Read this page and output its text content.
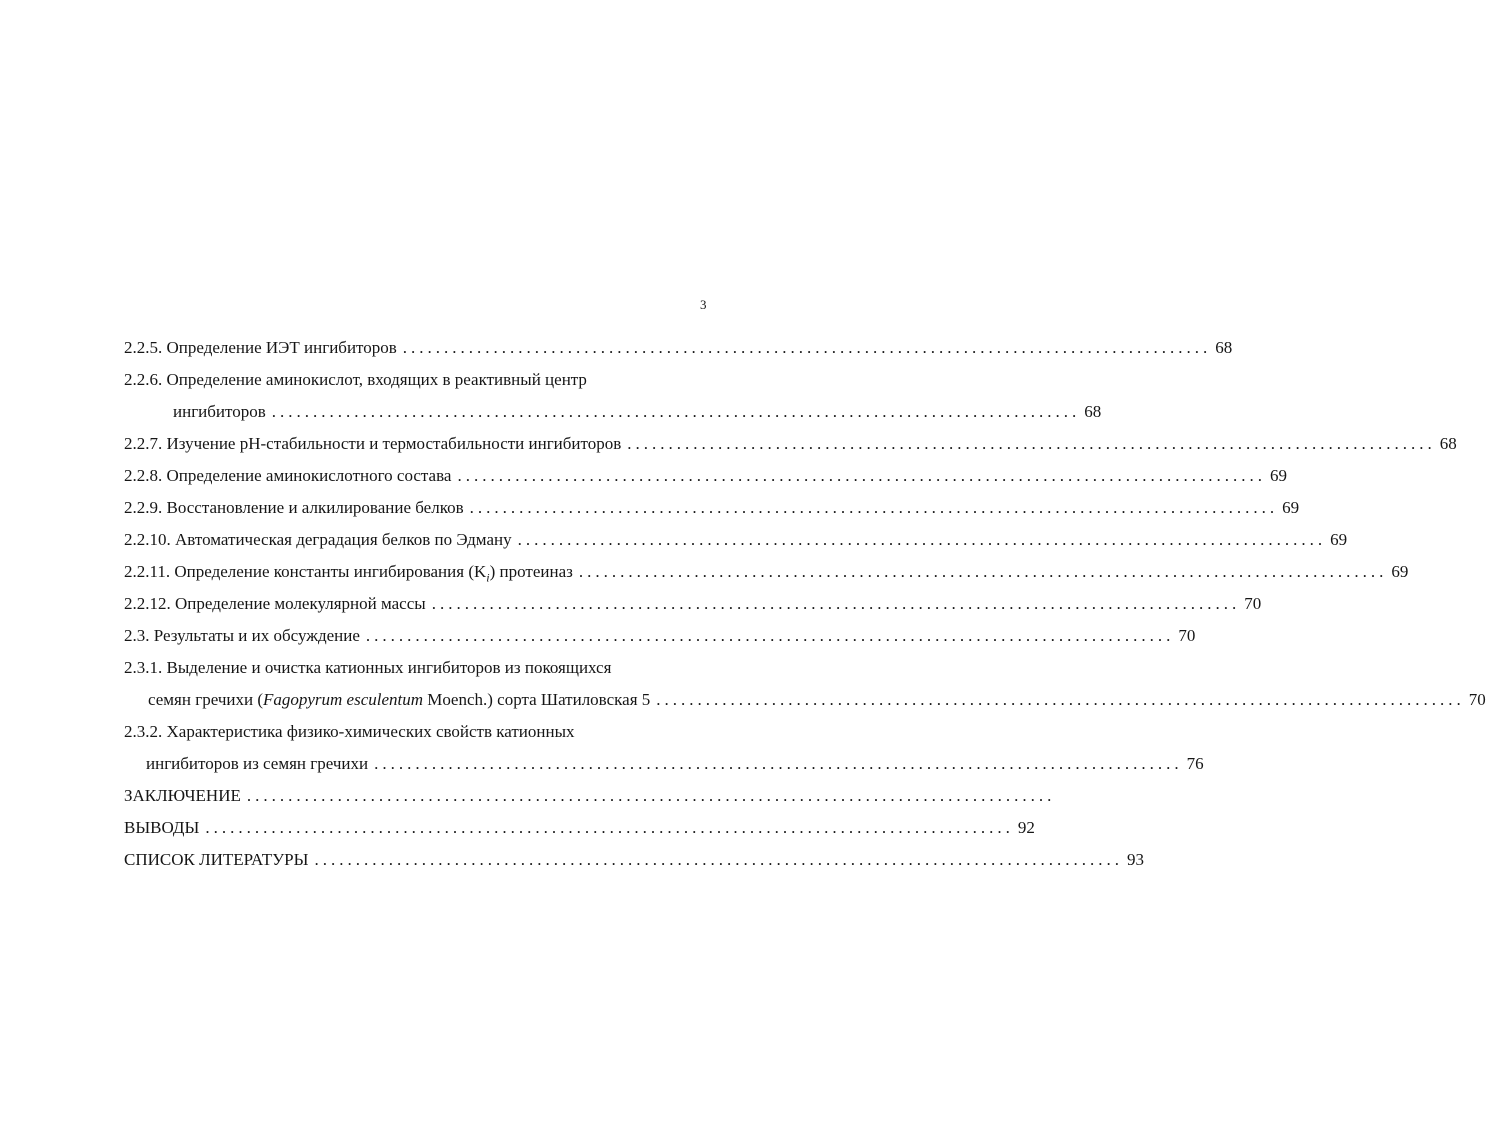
3
2.2.5. Определение ИЭТ ингибиторов .................................................................................................. 68
2.2.6. Определение аминокислот, входящих в реактивный центр
ингибиторов .................................................................................................. 68
2.2.7. Изучение рН-стабильности и термостабильности ингибиторов .................................................................................................. 68
2.2.8. Определение аминокислотного состава .................................................................................................. 69
2.2.9. Восстановление и алкилирование белков .................................................................................................. 69
2.2.10. Автоматическая деградация белков по Эдману .................................................................................................. 69
2.2.11. Определение константы ингибирования $(K_i)$ протеиназ .................................................................................................. 69
2.2.12. Определение молекулярной массы .................................................................................................. 70
2.3. Результаты и их обсуждение .................................................................................................. 70
2.3.1. Выделение и очистка катионных ингибиторов из покоящихся
семян гречихи (Fagopyrum esculentum Moench.) сорта Шатиловская 5 .................................................................................................. 70
2.3.2. Характеристика физико-химических свойств катионных
ингибиторов из семян гречихи .................................................................................................. 76
ЗАКЛЮЧЕНИЕ ..................................................................................................
ВЫВОДЫ .................................................................................................. 92
СПИСОК ЛИТЕРАТУРЫ .................................................................................................. 93
